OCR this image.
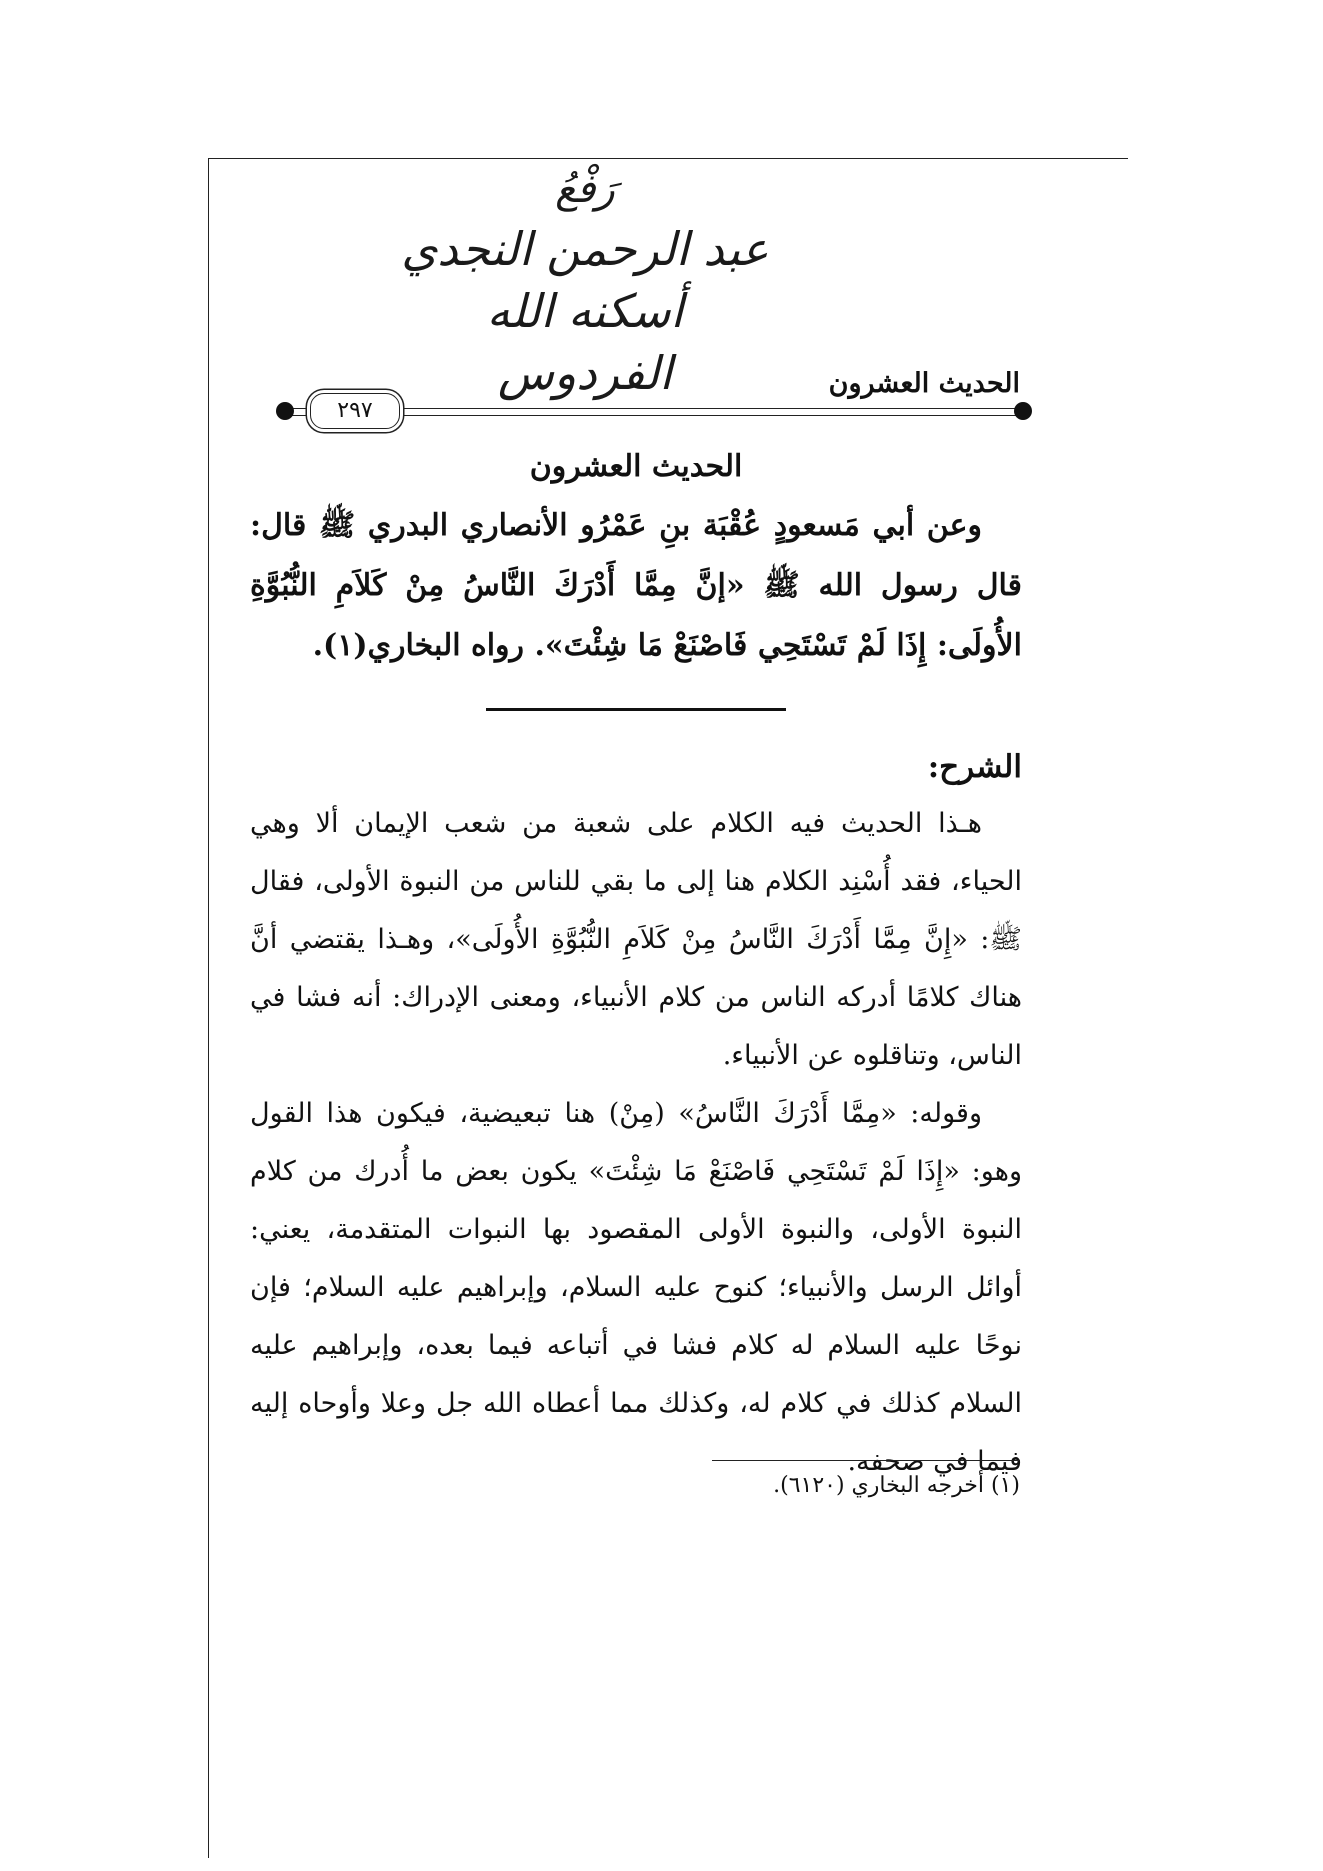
رَفْعُ
عبد الرحمن النجدي
أسكنه الله الفردوس	الحديث العشرون
٢٩٧
الحديث العشرون

وعن أبي مَسعودٍ عُقْبَة بنِ عَمْرُو الأنصاري البدري ﷺ قال: قال رسول الله ﷺ «إنَّ مِمَّا أَدْرَكَ النَّاسُ مِنْ كَلاَمِ النُّبُوَّةِ الأُولَى: إِذَا لَمْ تَسْتَحِي فَاصْنَعْ مَا شِئْتَ». رواه البخاري(١).

الشرح:

هـذا الحديث فيه الكلام على شعبة من شعب الإيمان ألا وهي الحياء، فقد أُسْنِد الكلام هنا إلى ما بقي للناس من النبوة الأولى، فقال ﷺ: «إِنَّ مِمَّا أَدْرَكَ النَّاسُ مِنْ كَلاَمِ النُّبُوَّةِ الأُولَى»، وهـذا يقتضي أنَّ هناك كلامًا أدركه الناس من كلام الأنبياء، ومعنى الإدراك: أنه فشا في الناس، وتناقلوه عن الأنبياء.

وقوله: «مِمَّا أَدْرَكَ النَّاسُ» (مِنْ) هنا تبعيضية، فيكون هذا القول وهو: «إِذَا لَمْ تَسْتَحِي فَاصْنَعْ مَا شِئْتَ» يكون بعض ما أُدرك من كلام النبوة الأولى، والنبوة الأولى المقصود بها النبوات المتقدمة، يعني: أوائل الرسل والأنبياء؛ كنوح عليه السلام، وإبراهيم عليه السلام؛ فإن نوحًا عليه السلام له كلام فشا في أتباعه فيما بعده، وإبراهيم عليه السلام كذلك في كلام له، وكذلك مما أعطاه الله جل وعلا وأوحاه إليه فيما في صحفه.

(١) أخرجه البخاري (٦١٢٠).
